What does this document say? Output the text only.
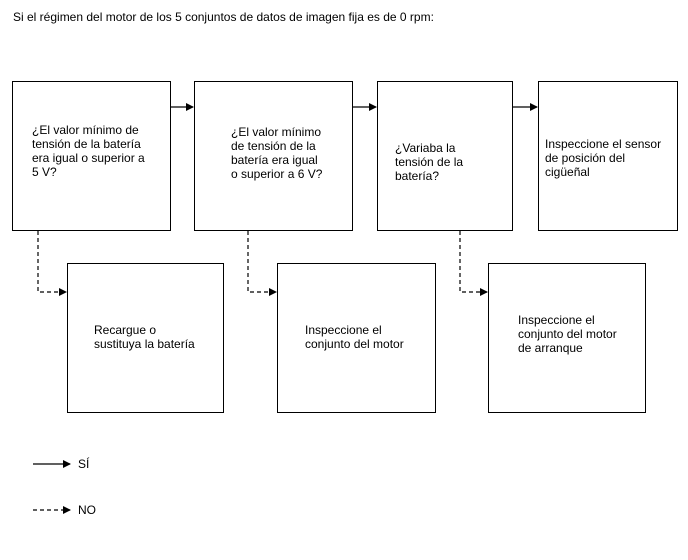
Si el régimen del motor de los 5 conjuntos de datos de imagen fija es de 0 rpm:
¿El valor mínimo de
tensión de la batería
era igual o superior a
5 V?
¿El valor mínimo
de tensión de la
batería era igual
o superior a 6 V?
¿Variaba la
tensión de la
batería?
Inspeccione el sensor
de posición del
cigüeñal
Recargue o
sustituya la batería
Inspeccione el
conjunto del motor
Inspeccione el
conjunto del motor
de arranque
SÍ
NO
